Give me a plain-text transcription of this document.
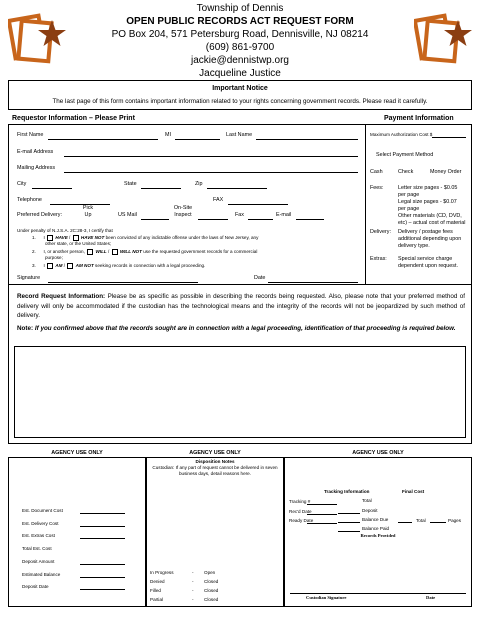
Township of Dennis
OPEN PUBLIC RECORDS ACT REQUEST FORM
PO Box 204, 571 Petersburg Road, Dennisville, NJ 08214
(609) 861-9700
jackie@dennistwp.org
Jacqueline Justice
Important Notice
The last page of this form contains important information related to your rights concerning government records. Please read it carefully.
Requestor Information – Please Print	Payment Information
First Name	MI	Last Name
E-mail Address
Mailing Address
City	State	Zip
Telephone	FAX
Preferred Delivery:
Pick
Up	US Mail
On-Site
Inspect	Fax	E-mail
Under penalty of N.J.S.A. 2C:28-3, I certify that
1. I HAVE /  HAVE NOT been convicted of any indictable offense under the laws of New Jersey, any
other state, or the United States;
2. I, or another person, WILL /  WILL NOT use the requested government records for a commercial
purpose;
3. I AM /  AM NOT seeking records in connection with a legal proceeding.
Signature	Date
Maximum Authorization Cost $
Select Payment Method
Cash	Check	Money Order
Fees:	Letter size pages - $0.05
per page
Legal size pages - $0.07
per page
Other materials (CD, DVD,
etc) – actual cost of material
Delivery: Delivery / postage fees
additional depending upon
delivery type.
Extras: Special service charge
dependent upon request.
Record Request Information: Please be as specific as possible in describing the records being requested. Also, please note that your preferred method of delivery will only be accommodated if the custodian has the technological means and the integrity of the records will not be jeopardized by such method of delivery.
Note: If you confirmed above that the records sought are in connection with a legal proceeding, identification of that proceeding is required below.
AGENCY USE ONLY	AGENCY USE ONLY	AGENCY USE ONLY
Est. Document Cost
Est. Delivery Cost
Est. Extras Cost
Total Est. Cost
Deposit Amount
Estimated Balance
Deposit Date
Disposition Notes
Custodian: If any part of request cannot be delivered in seven business days, detail reasons here.
In Progress	- Open
Denied	- Closed
Filled	- Closed
Partial	- Closed
Tracking Information	Final Cost
Tracking #
Rec'd Date
Ready Date
Total
Deposit
Balance Due
Balance Paid
Total	Pages
Records Provided
Custodian Signature	Date
